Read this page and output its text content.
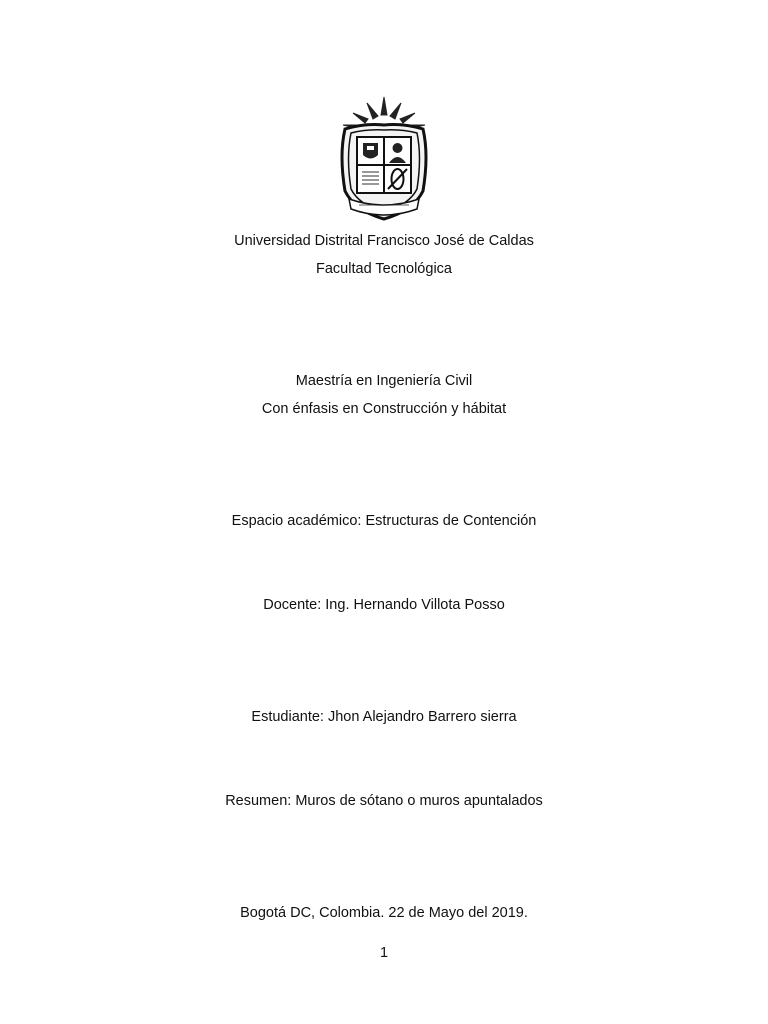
Universidad Distrital Francisco José de Caldas
Facultad Tecnológica
Maestría en Ingeniería Civil
Con énfasis en Construcción y hábitat
Espacio académico: Estructuras de Contención
Docente: Ing. Hernando Villota Posso
Estudiante: Jhon Alejandro Barrero sierra
Resumen: Muros de sótano o muros apuntalados
Bogotá DC, Colombia. 22 de Mayo del 2019.
1
